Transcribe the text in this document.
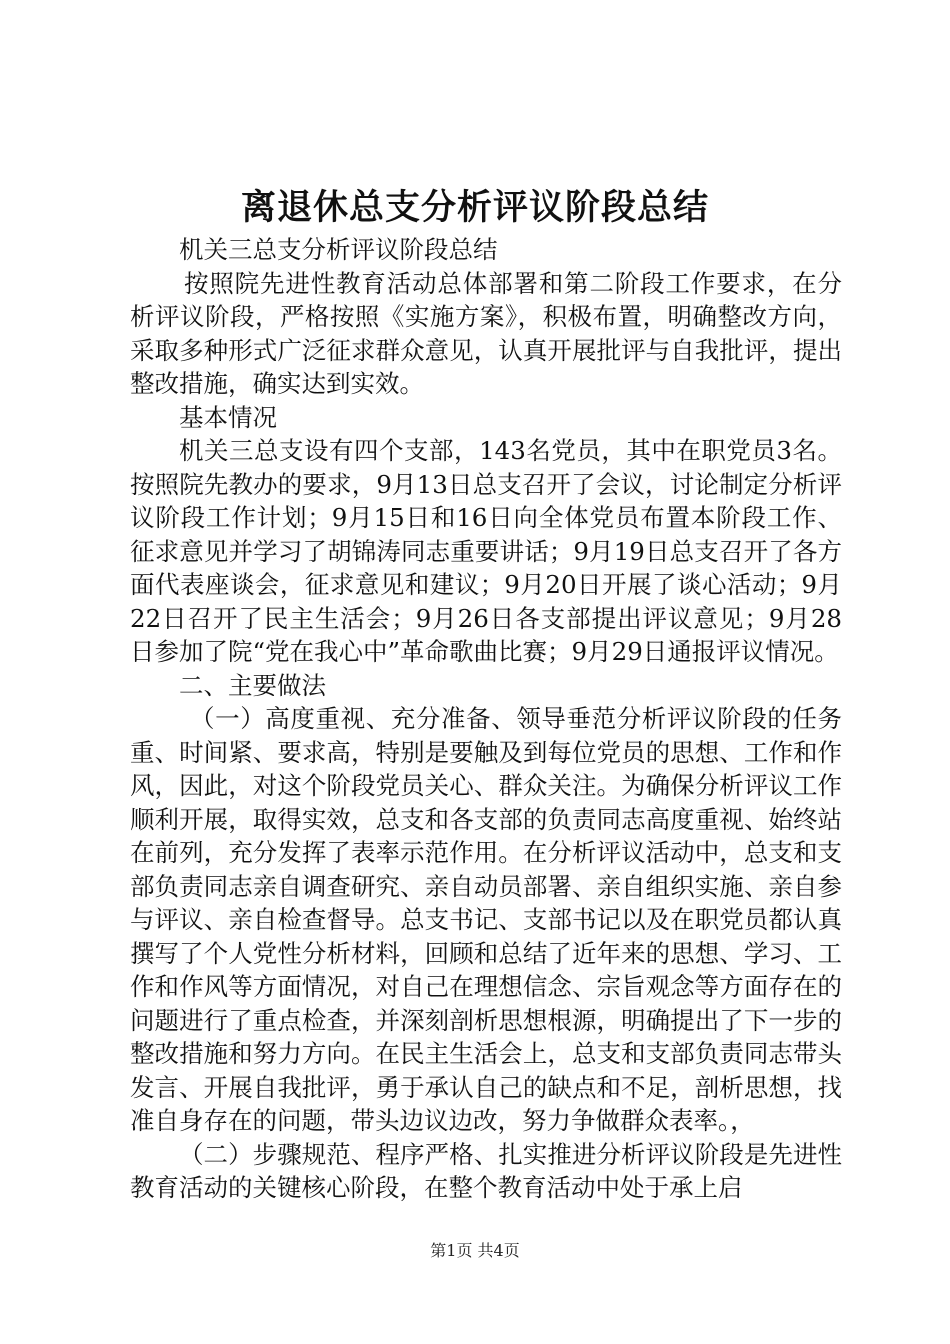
离退休总支分析评议阶段总结

机关三总支分析评议阶段总结

按照院先进性教育活动总体部署和第二阶段工作要求，在分析评议阶段，严格按照《实施方案》，积极布置，明确整改方向，采取多种形式广泛征求群众意见，认真开展批评与自我批评，提出整改措施，确实达到实效。

基本情况

机关三总支设有四个支部，143名党员，其中在职党员3名。按照院先教办的要求，9月13日总支召开了会议，讨论制定分析评议阶段工作计划；9月15日和16日向全体党员布置本阶段工作、征求意见并学习了胡锦涛同志重要讲话；9月19日总支召开了各方面代表座谈会，征求意见和建议；9月20日开展了谈心活动；9月22日召开了民主生活会；9月26日各支部提出评议意见；9月28日参加了院“党在我心中”革命歌曲比赛；9月29日通报评议情况。

二、主要做法

（一）高度重视、充分准备、领导垂范分析评议阶段的任务重、时间紧、要求高，特别是要触及到每位党员的思想、工作和作风，因此，对这个阶段党员关心、群众关注。为确保分析评议工作顺利开展，取得实效，总支和各支部的负责同志高度重视、始终站在前列，充分发挥了表率示范作用。在分析评议活动中，总支和支部负责同志亲自调查研究、亲自动员部署、亲自组织实施、亲自参与评议、亲自检查督导。总支书记、支部书记以及在职党员都认真撰写了个人党性分析材料，回顾和总结了近年来的思想、学习、工作和作风等方面情况，对自己在理想信念、宗旨观念等方面存在的问题进行了重点检查，并深刻剖析思想根源，明确提出了下一步的整改措施和努力方向。在民主生活会上，总支和支部负责同志带头发言、开展自我批评，勇于承认自己的缺点和不足，剖析思想，找准自身存在的问题，带头边议边改，努力争做群众表率。，

（二）步骤规范、程序严格、扎实推进分析评议阶段是先进性教育活动的关键核心阶段，在整个教育活动中处于承上启

第1页 共4页
